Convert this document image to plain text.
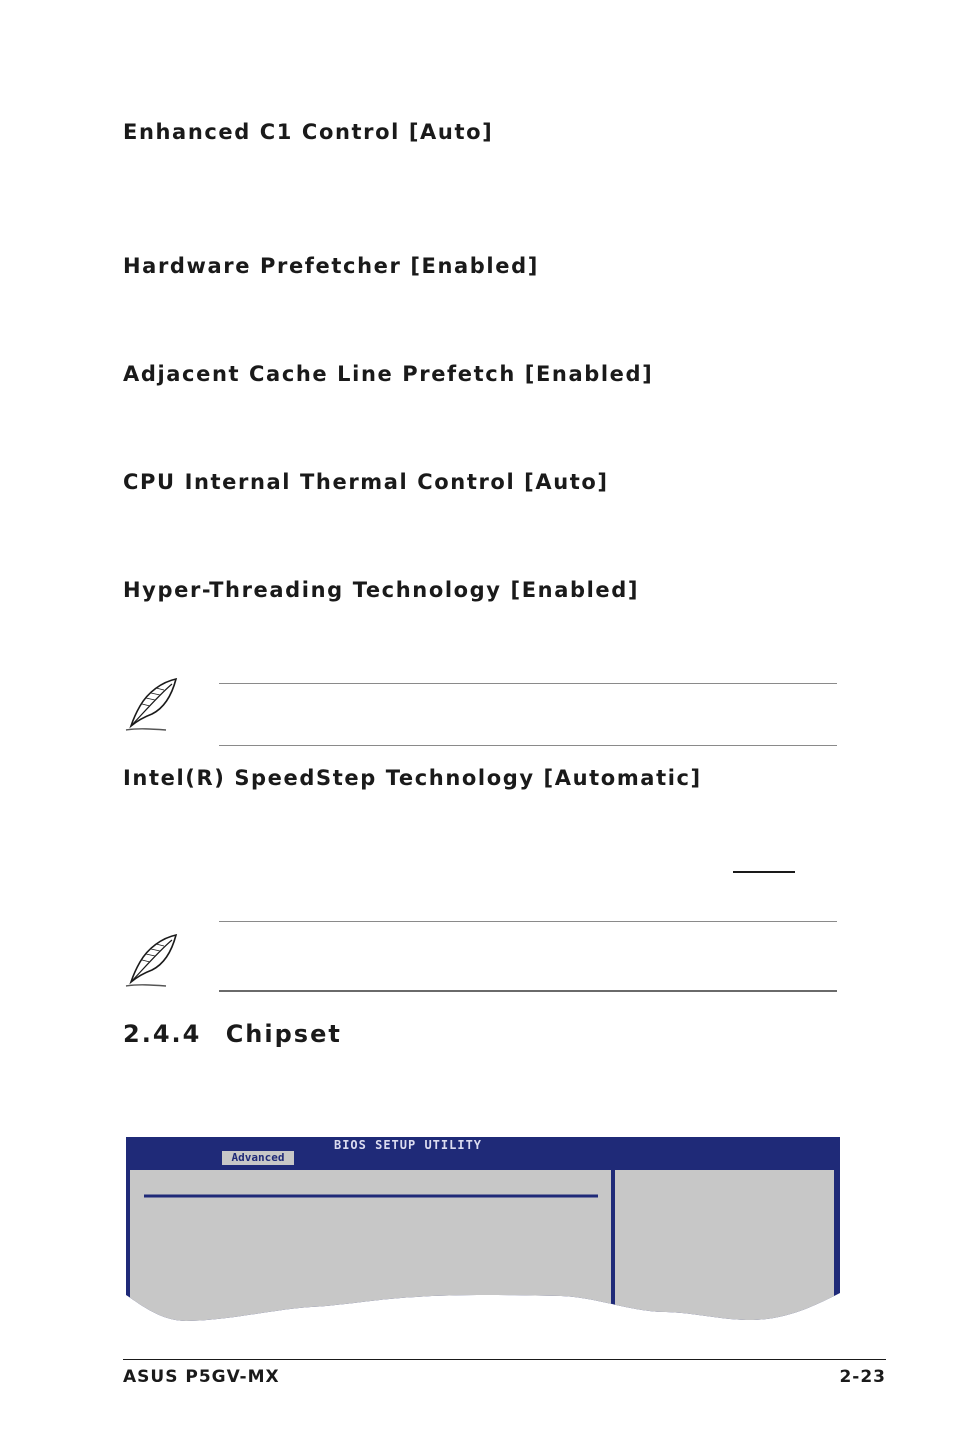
Enhanced C1 Control [Auto]
Hardware Prefetcher [Enabled]
Adjacent Cache Line Prefetch [Enabled]
CPU Internal Thermal Control [Auto]
Hyper-Threading Technology [Enabled]
Intel(R) SpeedStep Technology [Automatic]
2.4.4 Chipset
BIOS SETUP UTILITY
Advanced

ASUS P5GV-MX	2-23
